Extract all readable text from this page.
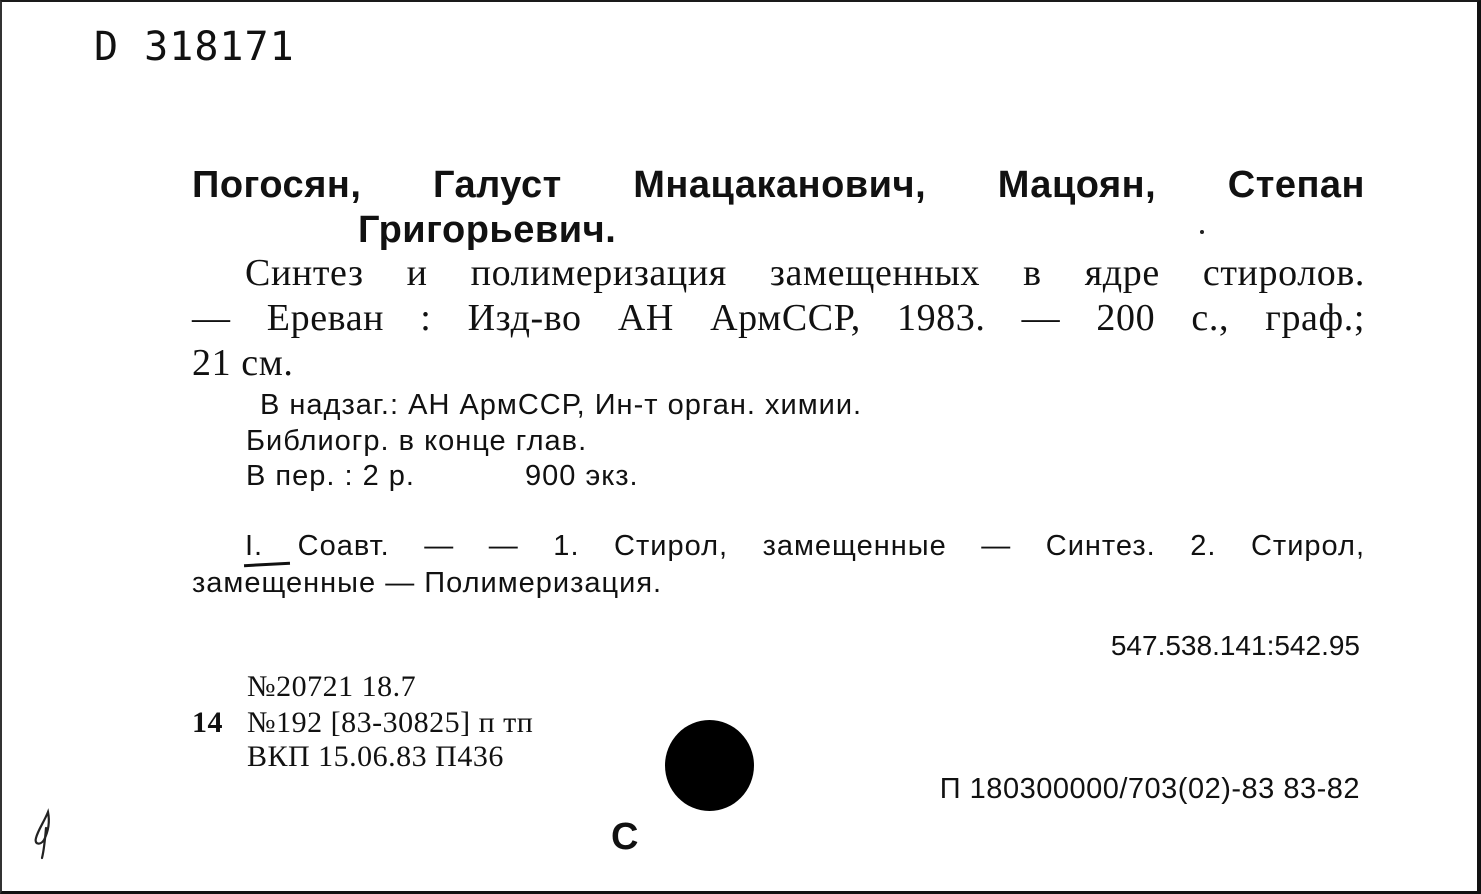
D 318171
Погосян, Галуст Мнацаканович, Мацоян, Степан
Григорьевич.
Синтез и полимеризация замещенных в ядре стиролов.
— Ереван : Изд-во АН АрмССР, 1983. — 200 с., граф.;
21 см.
В надзаг.: АН АрмССР, Ин-т орган. химии.
Библиогр. в конце глав.
В пер. : 2 р.	900 экз.
I. Соавт. — — 1. Стирол, замещенные — Синтез. 2. Стирол,
замещенные — Полимеризация.
547.538.141:542.95
№20721 18.7
14 №192 [83-30825] п тп
ВКП 15.06.83 П436
П 180300000/703(02)-83 83-82
С
